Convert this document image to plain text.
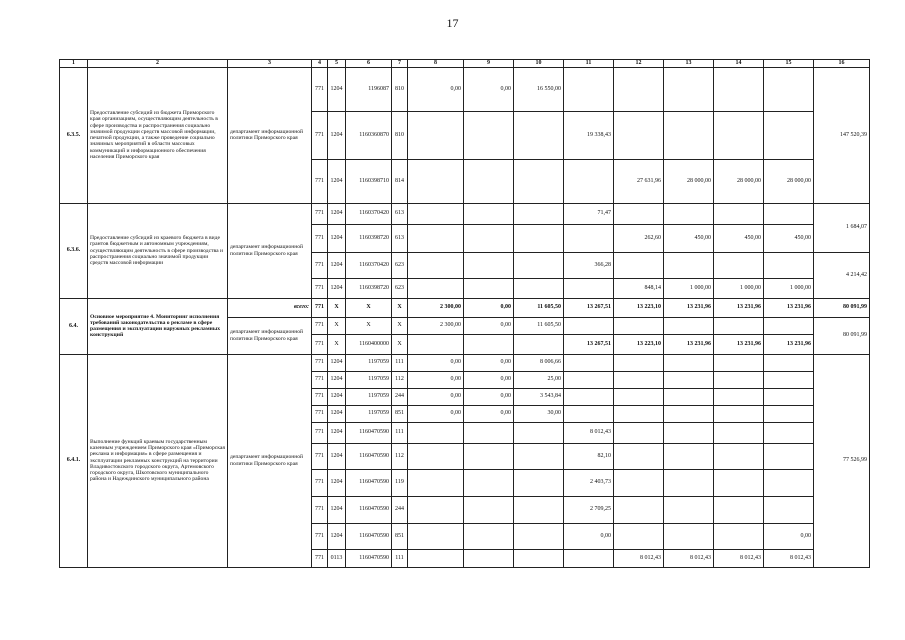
17
1	2	3	4	5	6	7	8	9	10	11	12	13	14	15	16
6.3.5.	Предоставление субсидий из бюджета Приморского края организациям, осуществляющим деятельность в сфере производства и распространения социально значимой продукции средств массовой информации, печатной продукции, а также проведение социально значимых мероприятий в области массовых коммуникаций и информационного обеспечения населения Приморского края	департамент информационной политики Приморского края	771	1204	1196087	810	0,00	0,00	16 550,00						147 520,39
			771	1204	1160360870	810				19 338,43					
			771	1204	1160398710	814					27 631,96	28 000,00	28 000,00	28 000,00	
6.3.6.	Предоставление субсидий из краевого бюджета в виде грантов бюджетным и автономным учреждениям, осуществляющим деятельность в сфере производства и распространения социально значимой продукции средств массовой информации	департамент информационной политики Приморского края	771	1204	1160370420	613				71,47					1 684,07
			771	1204	1160398720	613					262,60	450,00	450,00	450,00	
			771	1204	1160370420	623				366,28					4 214,42
			771	1204	1160398720	623					848,14	1 000,00	1 000,00	1 000,00	
6.4.	Основное мероприятие 4. Мониторинг исполнения требований законодательства о рекламе в сфере размещения и эксплуатации наружных рекламных конструкций	всего:	771	X	X	X	2 300,00	0,00	11 605,50	13 267,51	13 223,10	13 231,96	13 231,96	13 231,96	80 091,99
		департамент информационной политики Приморского края	771	X	X	X	2 300,00	0,00	11 605,50						80 091,99
			771	X	1160400000	X				13 267,51	13 223,10	13 231,96	13 231,96	13 231,96	
6.4.1.	Выполнение функций краевым государственным казенным учреждением Приморского края «Приморская реклама и информация» в сфере размещения и эксплуатации рекламных конструкций на территории Владивостокского городского округа, Артемовского городского округа, Шкотовского муниципального района и Надеждинского муниципального района	департамент информационной политики Приморского края	771	1204	1197059	111	0,00	0,00	8 006,66						77 526,99
			771	1204	1197059	112	0,00	0,00	25,00						
			771	1204	1197059	244	0,00	0,00	3 543,84						
			771	1204	1197059	851	0,00	0,00	30,00						
			771	1204	1160470590	111				8 012,43					
			771	1204	1160470590	112				82,10					
			771	1204	1160470590	119				2 403,73					
			771	1204	1160470590	244				2 709,25					
			771	1204	1160470590	851				0,00				0,00	
			771	0113	1160470590	111					8 012,43	8 012,43	8 012,43	8 012,43	
